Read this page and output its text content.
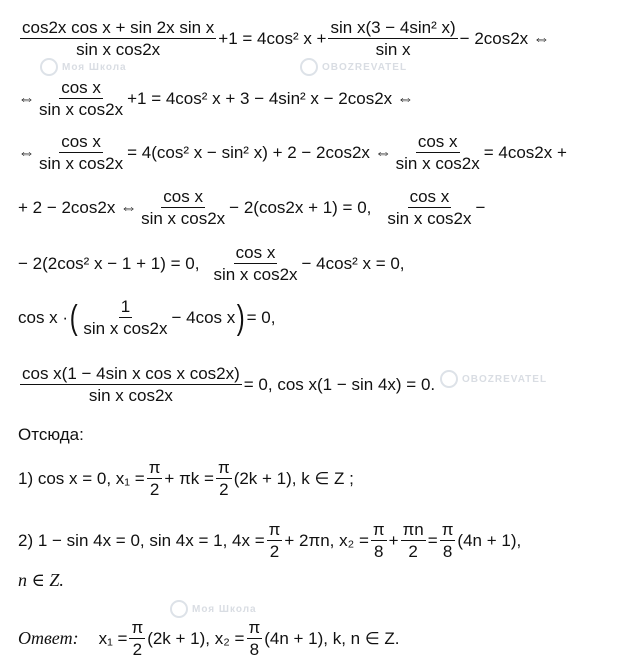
Моя Школа	OBOZREVATEL
OBOZREVATEL
Моя Школа
$\frac{\text{cos2x cos x + sin 2x sin x}}{\text{sin x cos2x}} +1 = 4\cos^2$ $x + \frac{\text{sin x(3 − 4sin² x)}}{\text{sin x}} - 2\cos 2x$ ⇔
⇔ $\frac{\text{cos x}}{\text{sin x cos2x}} +1 = 4\cos^2$ x + 3 − 4sin² x − 2cos2x ⇔
⇔ $\frac{\text{cos x}}{\text{sin x cos2x}} = 4(\cos^2$ x − sin² x) + 2 − 2cos2x ⇔ $\frac{\text{cos x}}{\text{sin x cos2x}} = 4\cos 2x$ +
+ 2 − 2cos2x ⇔ $\frac{\text{cos x}}{\text{sin x cos2x}} - 2(\cos 2x + 1) = 0$, $\frac{\text{cos x}}{\text{sin x cos2x}}$ −
− 2(2cos² x − 1 + 1) = 0, $\frac{\text{cos x}}{\text{sin x cos2x}} - 4\cos^2$ x = 0,
cos x · ( $\frac{1}{\text{sin x cos2x}} - 4\cos$ x ) = 0,
$\frac{\text{cos x(1 − 4sin x cos x cos2x)}}{\text{sin x cos2x}} = 0$, cos x(1 − sin 4x) = 0.
Отсюда:
1) cos x = 0, $x_1 = \frac{\pi}{2} + \pi k = \frac{\pi}{2} (2k + 1)$, k ∈ Z ;
2) 1 − sin 4x = 0, sin 4x = 1, $4x = \frac{\pi}{2} + 2\pi n$, $x_2 = \frac{\pi}{8} + \frac{\pi n}{2} = \frac{\pi}{8} (4n + 1)$,
n ∈ Z.
Ответ: $x_1 = \frac{\pi}{2} (2k + 1)$, $x_2 = \frac{\pi}{8} (4n + 1)$, k, n ∈ Z.
